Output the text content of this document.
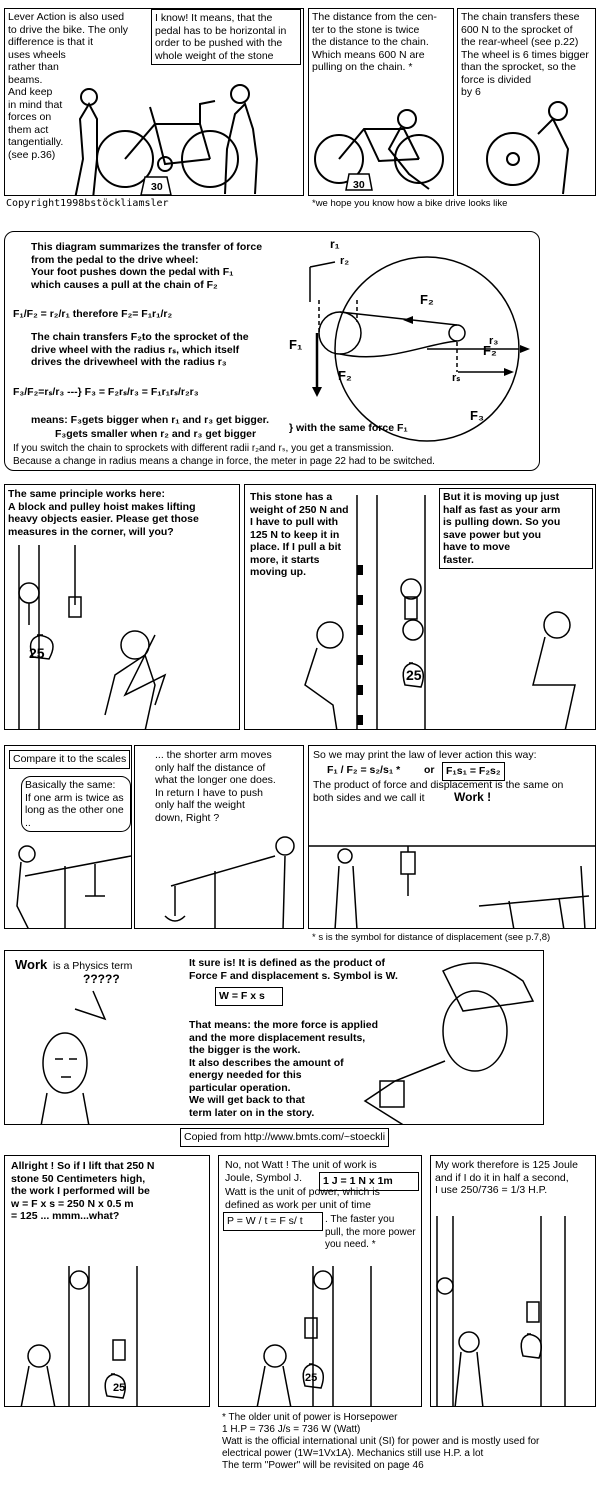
Lever Action is also used
to drive the bike. The only
difference is that it
uses wheels
rather than
beams.
And keep
in mind that
forces on
them act
tangentially.
(see p.36)
I know! It means, that the
pedal has to be horizontal in
order to be pushed with the
whole weight of the stone
30
The distance from the cen-
ter to the stone is twice
the distance to the chain.
Which means 600 N are
pulling on the chain. *
30
The chain transfers these
600 N to the sprocket of
the rear-wheel (see p.22)
The wheel is 6 times bigger
than the sprocket, so the
force is divided
by 6
Copyright1998bstöckliamsler	*we hope you know how a bike drive looks like
This diagram summarizes the transfer of force
from the pedal to the drive wheel:
Your foot pushes down the pedal with F₁
which causes a pull at the chain of F₂
F₁/F₂ = r₂/r₁ therefore F₂= F₁r₁/r₂
The chain transfers F₂to the sprocket of the
drive wheel with the radius rₛ, which itself
drives the drivewheel with the radius r₃
F₃/F₂=rₛ/r₃ ---} F₃ = F₂rₛ/r₃ = F₁r₁rₛ/r₂r₃
means: F₃gets bigger when r₁ and r₃ get bigger.
F₃gets smaller when r₂ and r₃ get bigger	} with the same force F₁
If you switch the chain to sprockets with different radii r₂and rₛ, you get a transmission.
Because a change in radius means a change in force, the meter in page 22 had to be switched.
r₁
r₂
r₃
rₛ
F₁
F₂
F₂
F₂
F₃
The same principle works here:
A block and pulley hoist makes lifting
heavy objects easier. Please get those
measures in the corner, will you?
25
This stone has a
weight of 250 N and
I have to pull with
125 N to keep it in
place. If I pull a bit
more, it starts
moving up.
But it is moving up just
half as fast as your arm
is pulling down. So you
save power but you
have to move
faster.
25
Compare it to the scales
Basically the same:
If one arm is twice as
long as the other one ..
... the shorter arm moves
only half the distance of
what the longer one does.
In return I have to push
only half the weight
down, Right ?
So we may print the law of lever action this way:
F₁ / F₂ = s₂/s₁ * or	F₁s₁ = F₂s₂
The product of force and displacement is the same on
both sides and we call it	Work !
* s is the symbol for distance of displacement (see p.7,8)
Work is a Physics term
?????
It sure is! It is defined as the product of
Force F and displacement s. Symbol is W.
W = F x s
That means: the more force is applied
and the more displacement results,
the bigger is the work.
It also describes the amount of
energy needed for this
particular operation.
We will get back to that
term later on in the story.
Copied from http://www.bmts.com/~stoeckli
Allright ! So if I lift that 250 N
stone 50 Centimeters high,
the work I performed will be
w = F x s = 250 N x 0.5 m
= 125 ... mmm...what?
25
No, not Watt ! The unit of work is
Joule, Symbol J.	1 J = 1 N x 1m
Watt is the unit of power, which is
defined as work per unit of time
P = W / t = F s/ t	. The faster you
pull, the more power you need. *
25
My work therefore is 125 Joule
and if I do it in half a second,
I use 250/736 = 1/3 H.P.
* The older unit of power is Horsepower
1 H.P = 736 J/s = 736 W (Watt)
Watt is the official international unit (SI) for power and is mostly used for
electrical power (1W=1Vx1A). Mechanics still use H.P. a lot
The term "Power" will be revisited on page 46
